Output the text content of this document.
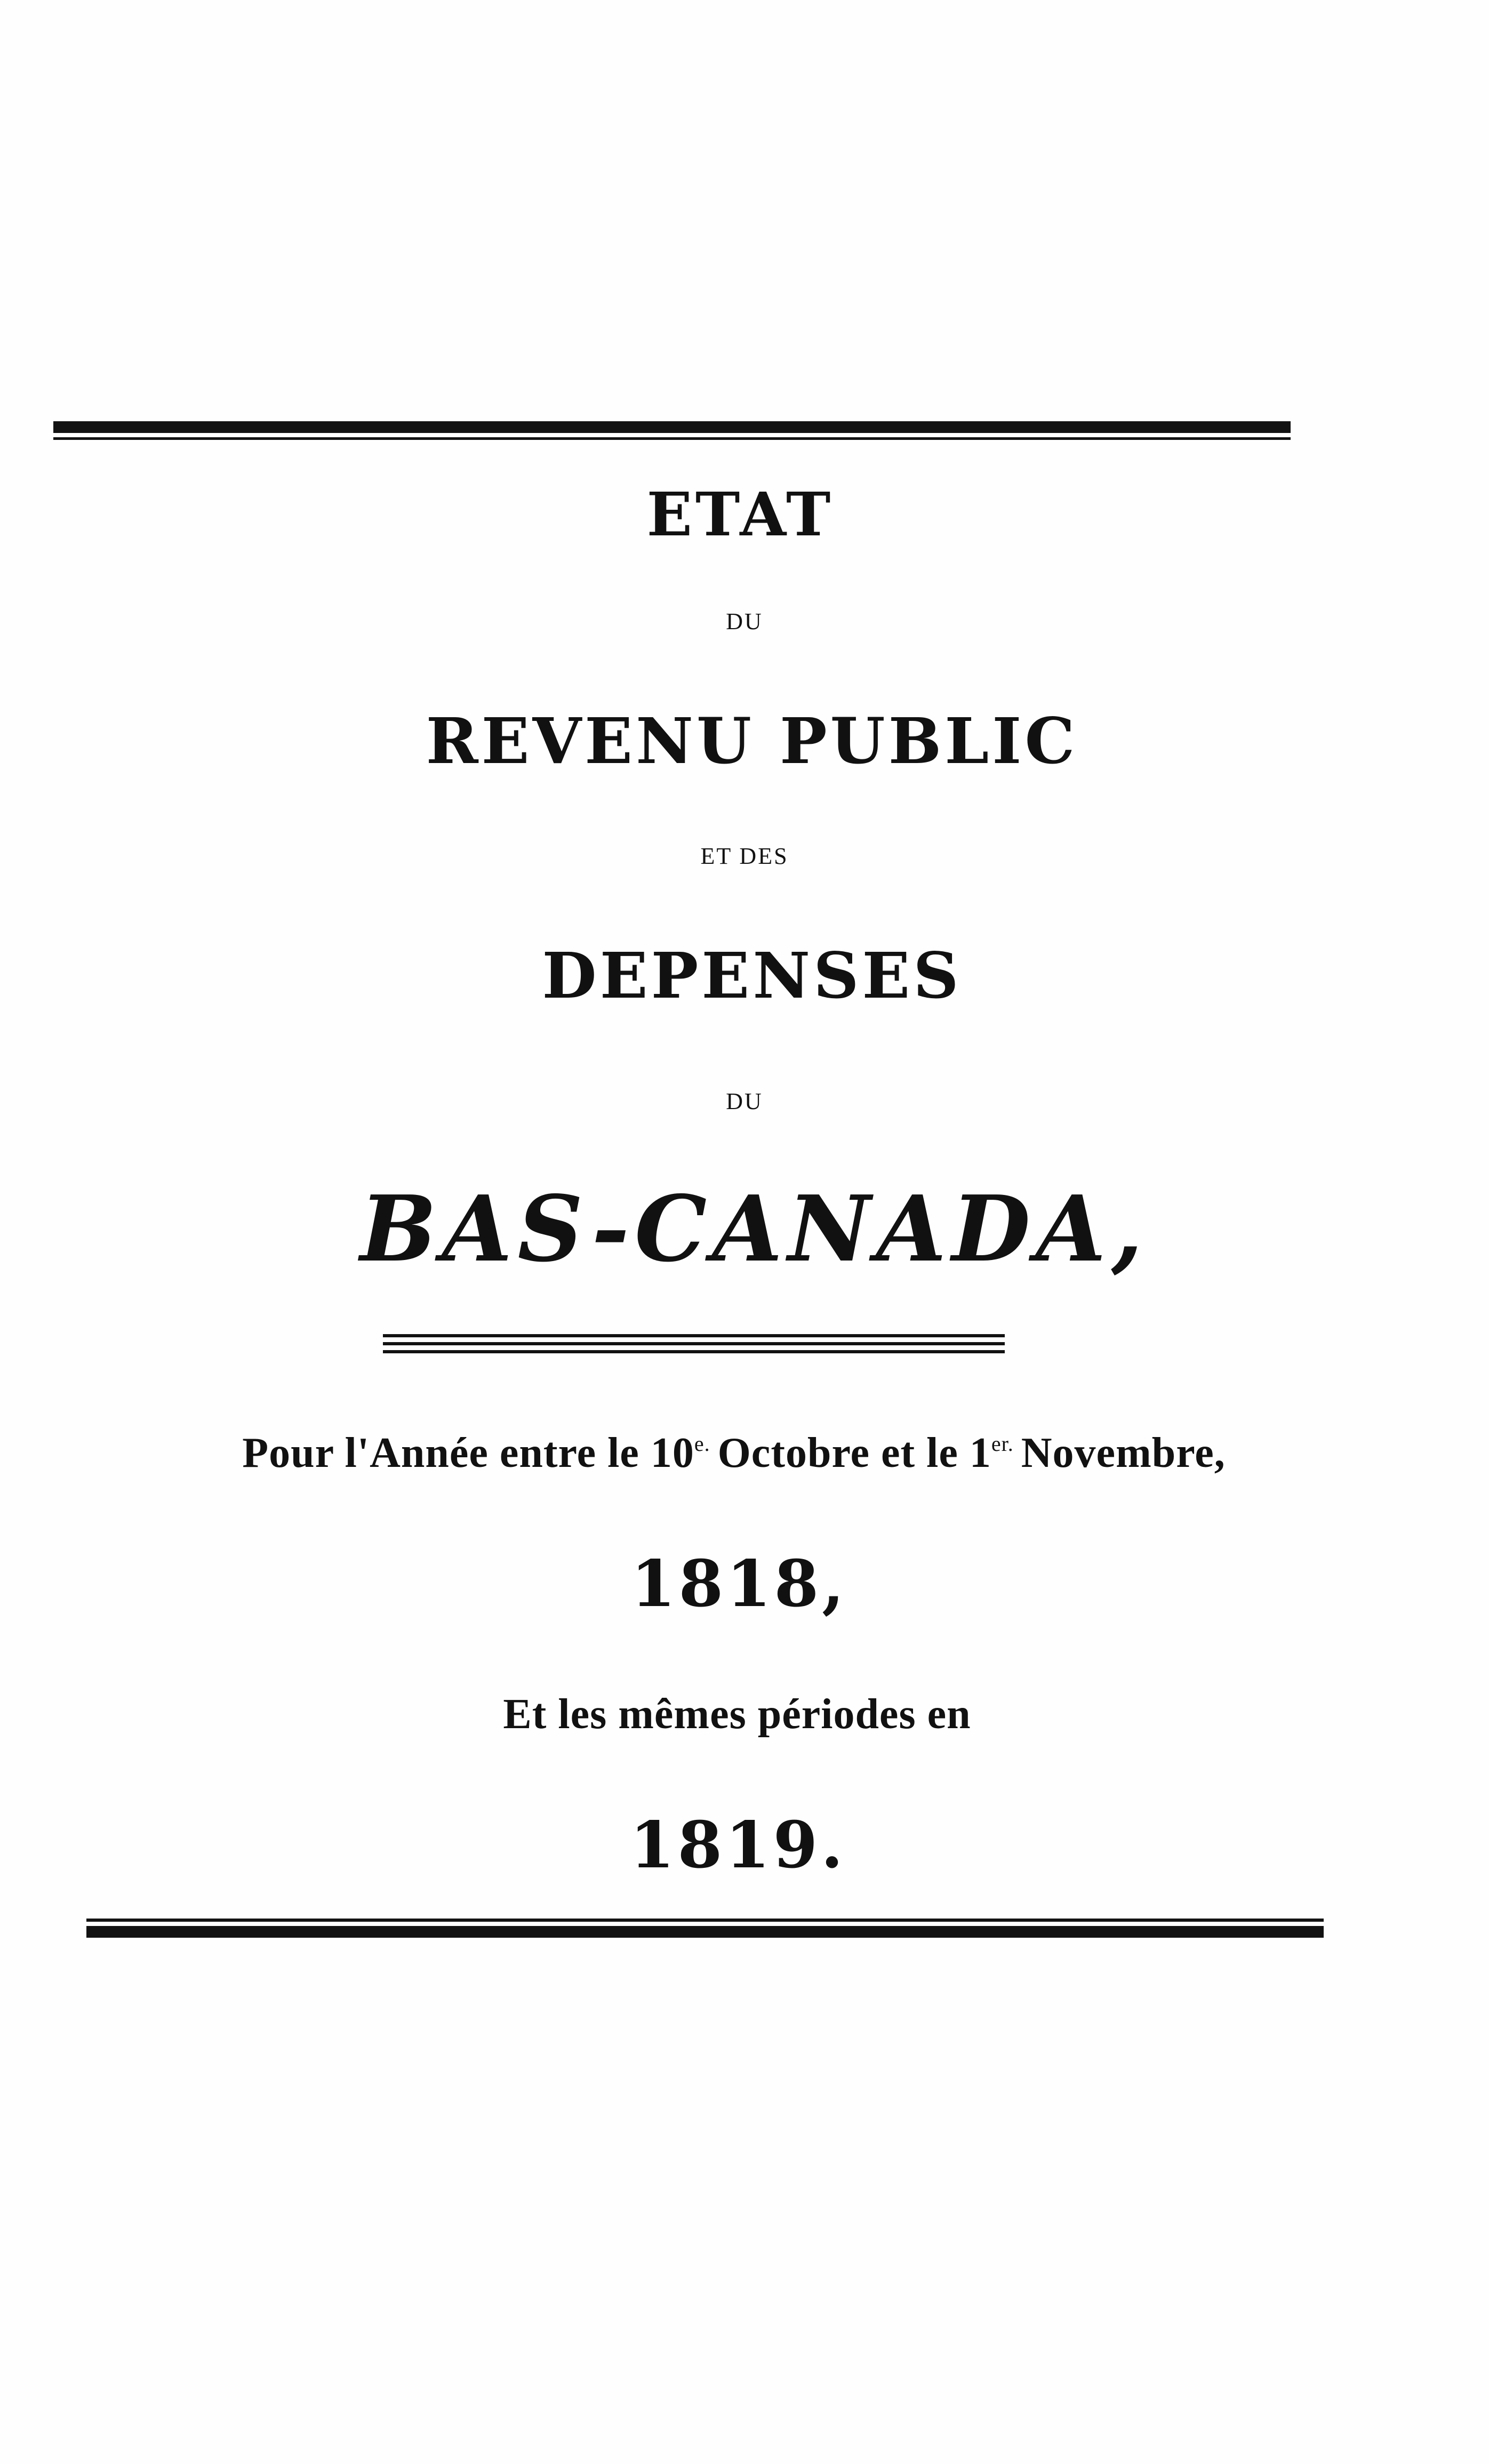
ETAT
DU
REVENU PUBLIC
ET DES
DEPENSES
DU
BAS-CANADA,
Pour l'Année entre le $10^{e.}$ Octobre et le $1^{er.}$ Novembre,
1818,
Et les mêmes périodes en
1819.
